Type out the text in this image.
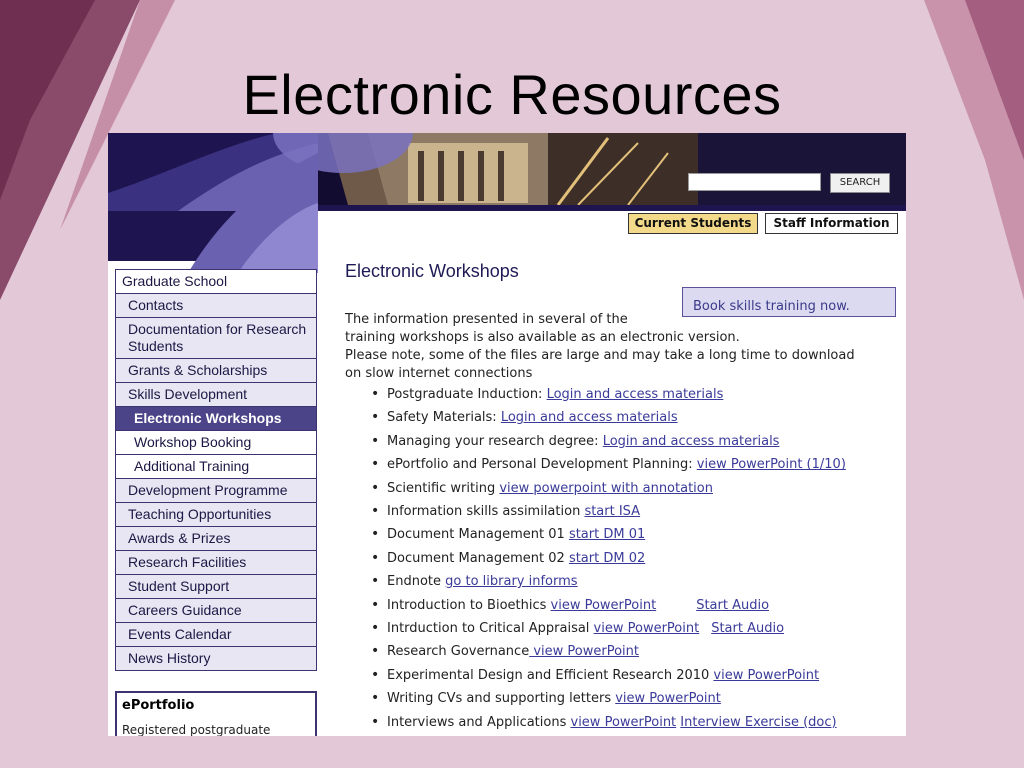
Electronic Resources
SEARCH
Current Students	Staff Information
Graduate School
Contacts
Documentation for Research Students
Grants & Scholarships
Skills Development
Electronic Workshops
Workshop Booking
Additional Training
Development Programme
Teaching Opportunities
Awards & Prizes
Research Facilities
Student Support
Careers Guidance
Events Calendar
News History
ePortfolio
Registered postgraduate
Electronic Workshops
Book skills training now.
The information presented in several of the
training workshops is also available as an electronic version.
Please note, some of the files are large and may take a long time to download
on slow internet connections
• Postgraduate Induction: Login and access materials
• Safety Materials: Login and access materials
• Managing your research degree: Login and access materials
• ePortfolio and Personal Development Planning: view PowerPoint (1/10)
• Scientific writing view powerpoint with annotation
• Information skills assimilation start ISA
• Document Management 01 start DM 01
• Document Management 02 start DM 02
• Endnote go to library informs
• Introduction to Bioethics view PowerPoint	Start Audio
• Intrduction to Critical Appraisal view PowerPoint Start Audio
• Research Governance view PowerPoint
• Experimental Design and Efficient Research 2010 view PowerPoint
• Writing CVs and supporting letters view PowerPoint
• Interviews and Applications view PowerPoint Interview Exercise (doc)
